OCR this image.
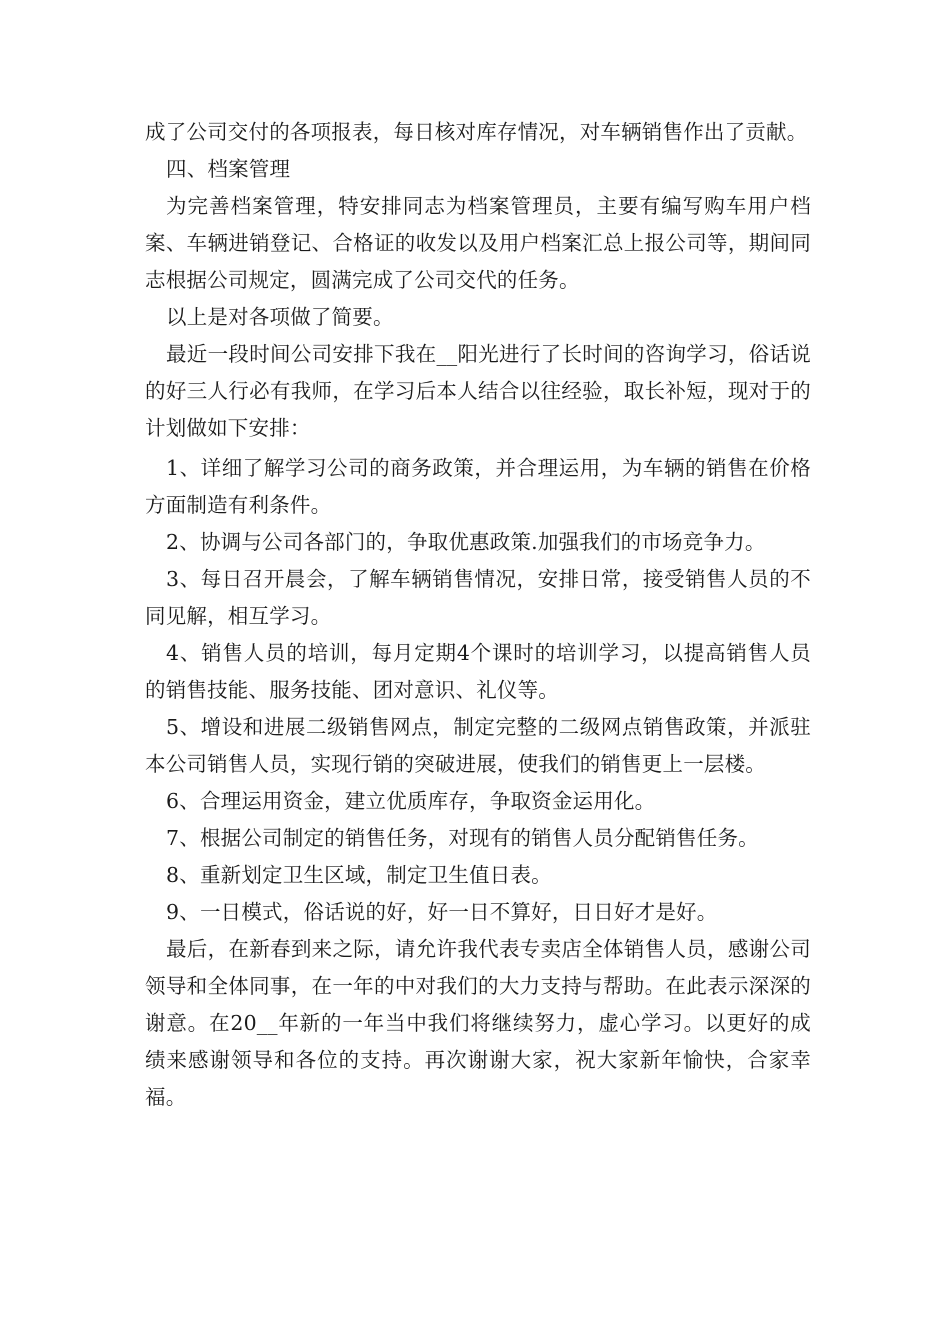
成了公司交付的各项报表，每日核对库存情况，对车辆销售作出了贡献。

四、档案管理

为完善档案管理，特安排同志为档案管理员，主要有编写购车用户档案、车辆进销登记、合格证的收发以及用户档案汇总上报公司等，期间同志根据公司规定，圆满完成了公司交代的任务。

以上是对各项做了简要。

最近一段时间公司安排下我在__阳光进行了长时间的咨询学习，俗话说的好三人行必有我师，在学习后本人结合以往经验，取长补短，现对于的计划做如下安排：

1、详细了解学习公司的商务政策，并合理运用，为车辆的销售在价格方面制造有利条件。

2、协调与公司各部门的，争取优惠政策.加强我们的市场竞争力。

3、每日召开晨会，了解车辆销售情况，安排日常，接受销售人员的不同见解，相互学习。

4、销售人员的培训，每月定期4个课时的培训学习，以提高销售人员的销售技能、服务技能、团对意识、礼仪等。

5、增设和进展二级销售网点，制定完整的二级网点销售政策，并派驻本公司销售人员，实现行销的突破进展，使我们的销售更上一层楼。

6、合理运用资金，建立优质库存，争取资金运用化。

7、根据公司制定的销售任务，对现有的销售人员分配销售任务。

8、重新划定卫生区域，制定卫生值日表。

9、一日模式，俗话说的好，好一日不算好，日日好才是好。

最后，在新春到来之际，请允许我代表专卖店全体销售人员，感谢公司领导和全体同事，在一年的中对我们的大力支持与帮助。在此表示深深的谢意。在20__年新的一年当中我们将继续努力，虚心学习。以更好的成绩来感谢领导和各位的支持。再次谢谢大家，祝大家新年愉快，合家幸福。
